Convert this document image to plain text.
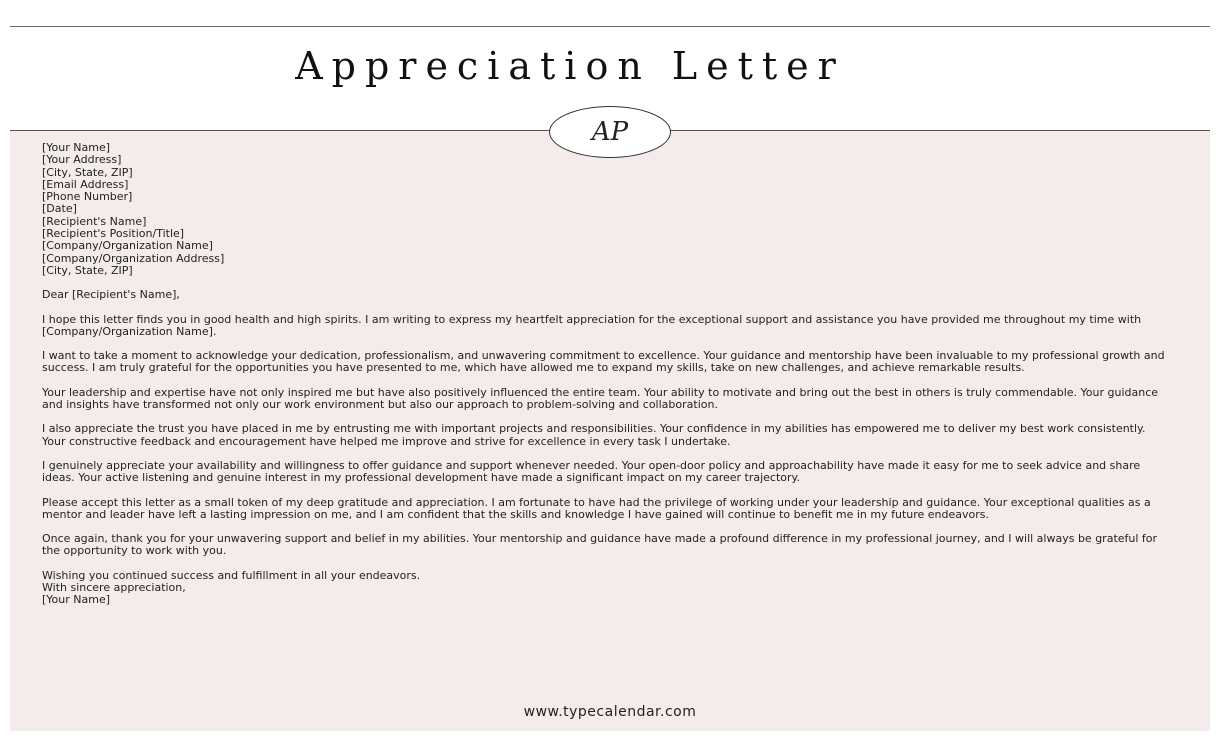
Appreciation Letter
AP
[Your Name]
[Your Address]
[City, State, ZIP]
[Email Address]
[Phone Number]
[Date]
[Recipient's Name]
[Recipient's Position/Title]
[Company/Organization Name]
[Company/Organization Address]
[City, State, ZIP]
Dear [Recipient's Name],
I hope this letter finds you in good health and high spirits. I am writing to express my heartfelt appreciation for the exceptional support and assistance you have provided me throughout my time with [Company/Organization Name].
I want to take a moment to acknowledge your dedication, professionalism, and unwavering commitment to excellence. Your guidance and mentorship have been invaluable to my professional growth and success. I am truly grateful for the opportunities you have presented to me, which have allowed me to expand my skills, take on new challenges, and achieve remarkable results.
Your leadership and expertise have not only inspired me but have also positively influenced the entire team. Your ability to motivate and bring out the best in others is truly commendable. Your guidance and insights have transformed not only our work environment but also our approach to problem-solving and collaboration.
I also appreciate the trust you have placed in me by entrusting me with important projects and responsibilities. Your confidence in my abilities has empowered me to deliver my best work consistently. Your constructive feedback and encouragement have helped me improve and strive for excellence in every task I undertake.
I genuinely appreciate your availability and willingness to offer guidance and support whenever needed. Your open-door policy and approachability have made it easy for me to seek advice and share ideas. Your active listening and genuine interest in my professional development have made a significant impact on my career trajectory.
Please accept this letter as a small token of my deep gratitude and appreciation. I am fortunate to have had the privilege of working under your leadership and guidance. Your exceptional qualities as a mentor and leader have left a lasting impression on me, and I am confident that the skills and knowledge I have gained will continue to benefit me in my future endeavors.
Once again, thank you for your unwavering support and belief in my abilities. Your mentorship and guidance have made a profound difference in my professional journey, and I will always be grateful for the opportunity to work with you.
Wishing you continued success and fulfillment in all your endeavors.
With sincere appreciation,
[Your Name]
www.typecalendar.com
